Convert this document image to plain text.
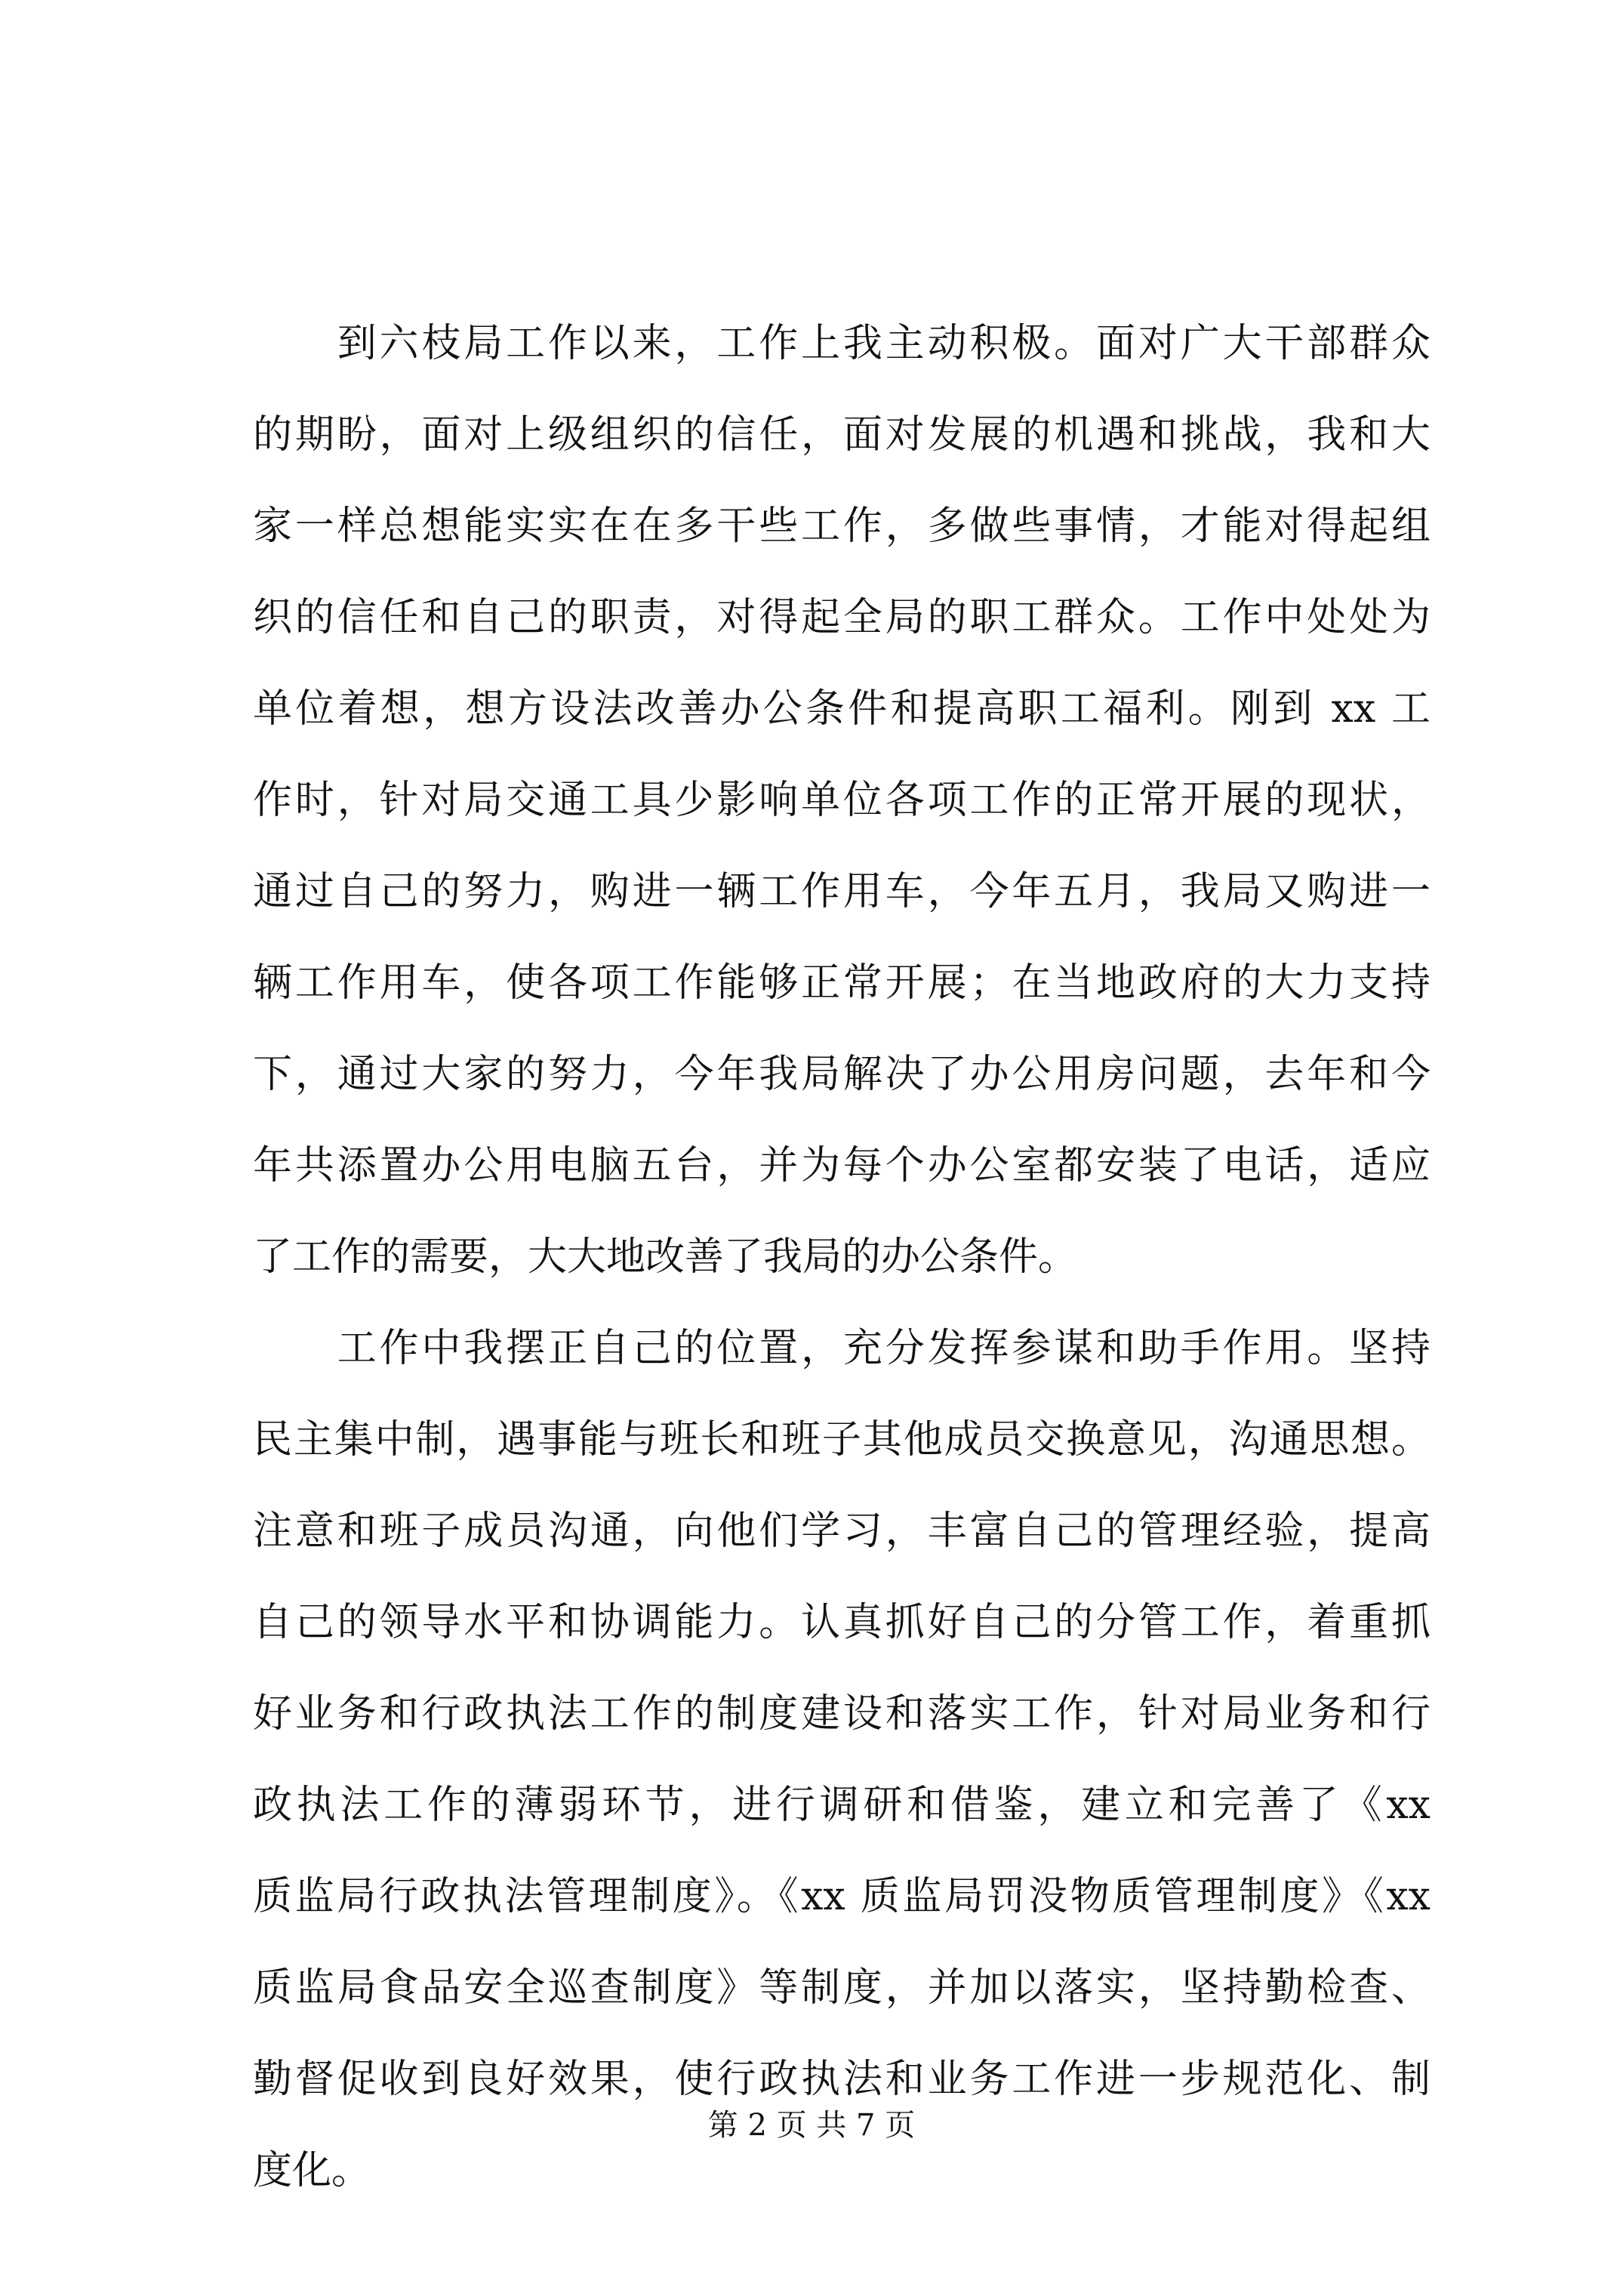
　　到六枝局工作以来，工作上我主动积极。面对广大干部群众
的期盼，面对上级组织的信任，面对发展的机遇和挑战，我和大
家一样总想能实实在在多干些工作，多做些事情，才能对得起组
织的信任和自己的职责，对得起全局的职工群众。工作中处处为
单位着想，想方设法改善办公条件和提高职工福利。刚到 xx 工
作时，针对局交通工具少影响单位各项工作的正常开展的现状，
通过自己的努力，购进一辆工作用车，今年五月，我局又购进一
辆工作用车，使各项工作能够正常开展；在当地政府的大力支持
下，通过大家的努力，今年我局解决了办公用房问题，去年和今
年共添置办公用电脑五台，并为每个办公室都安装了电话，适应
了工作的需要，大大地改善了我局的办公条件。
　　工作中我摆正自己的位置，充分发挥参谋和助手作用。坚持
民主集中制，遇事能与班长和班子其他成员交换意见，沟通思想。
注意和班子成员沟通，向他们学习，丰富自己的管理经验，提高
自己的领导水平和协调能力。认真抓好自己的分管工作，着重抓
好业务和行政执法工作的制度建设和落实工作，针对局业务和行
政执法工作的薄弱环节，进行调研和借鉴，建立和完善了《xx
质监局行政执法管理制度》。《xx 质监局罚没物质管理制度》《xx
质监局食品安全巡查制度》等制度，并加以落实，坚持勤检查、
勤督促收到良好效果，使行政执法和业务工作进一步规范化、制
度化。
第 2 页 共 7 页
